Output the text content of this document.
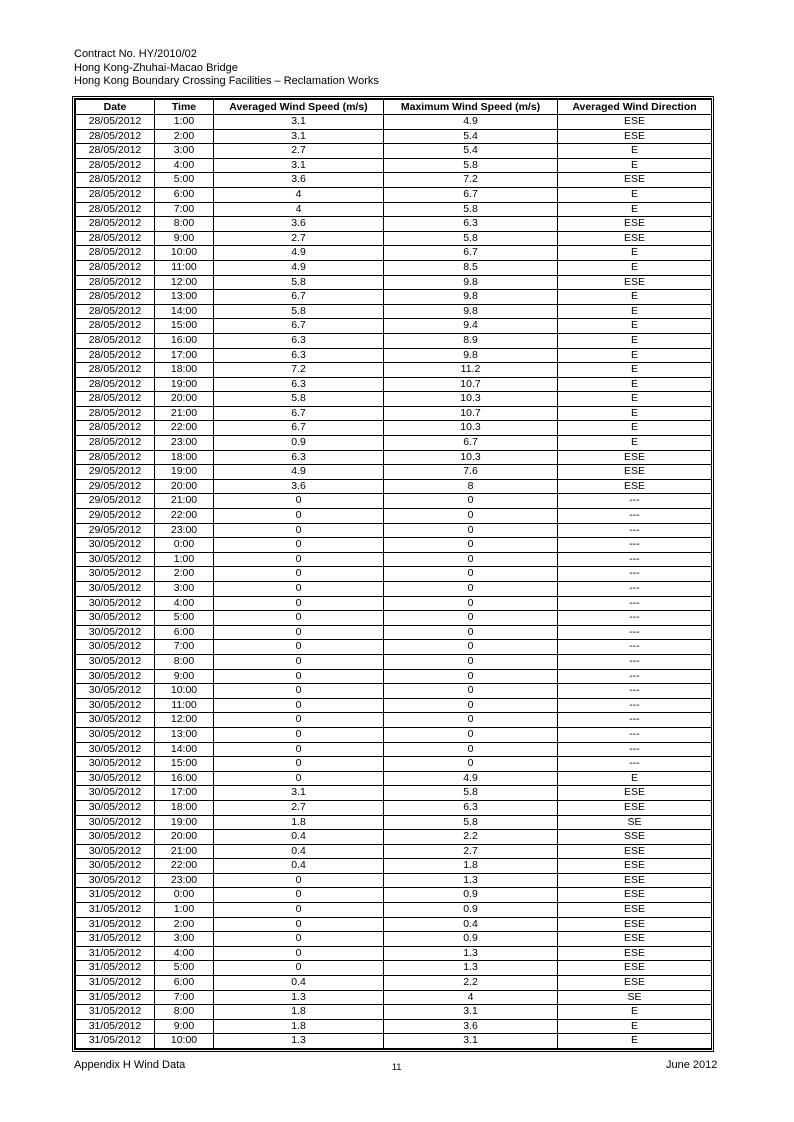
Contract No. HY/2010/02
Hong Kong-Zhuhai-Macao Bridge
Hong Kong Boundary Crossing Facilities – Reclamation Works
Date	Time	Averaged Wind Speed (m/s)	Maximum Wind Speed (m/s)	Averaged Wind Direction
28/05/2012	1:00	3.1	4.9	ESE
28/05/2012	2:00	3.1	5.4	ESE
28/05/2012	3:00	2.7	5.4	E
28/05/2012	4:00	3.1	5.8	E
28/05/2012	5:00	3.6	7.2	ESE
28/05/2012	6:00	4	6.7	E
28/05/2012	7:00	4	5.8	E
28/05/2012	8:00	3.6	6.3	ESE
28/05/2012	9:00	2.7	5.8	ESE
28/05/2012	10:00	4.9	6.7	E
28/05/2012	11:00	4.9	8.5	E
28/05/2012	12:00	5.8	9.8	ESE
28/05/2012	13:00	6.7	9.8	E
28/05/2012	14:00	5.8	9.8	E
28/05/2012	15:00	6.7	9.4	E
28/05/2012	16:00	6.3	8.9	E
28/05/2012	17:00	6.3	9.8	E
28/05/2012	18:00	7.2	11.2	E
28/05/2012	19:00	6.3	10.7	E
28/05/2012	20:00	5.8	10.3	E
28/05/2012	21:00	6.7	10.7	E
28/05/2012	22:00	6.7	10.3	E
28/05/2012	23:00	0.9	6.7	E
28/05/2012	18:00	6.3	10.3	ESE
29/05/2012	19:00	4.9	7.6	ESE
29/05/2012	20:00	3.6	8	ESE
29/05/2012	21:00	0	0	---
29/05/2012	22:00	0	0	---
29/05/2012	23:00	0	0	---
30/05/2012	0:00	0	0	---
30/05/2012	1:00	0	0	---
30/05/2012	2:00	0	0	---
30/05/2012	3:00	0	0	---
30/05/2012	4:00	0	0	---
30/05/2012	5:00	0	0	---
30/05/2012	6:00	0	0	---
30/05/2012	7:00	0	0	---
30/05/2012	8:00	0	0	---
30/05/2012	9:00	0	0	---
30/05/2012	10:00	0	0	---
30/05/2012	11:00	0	0	---
30/05/2012	12:00	0	0	---
30/05/2012	13:00	0	0	---
30/05/2012	14:00	0	0	---
30/05/2012	15:00	0	0	---
30/05/2012	16:00	0	4.9	E
30/05/2012	17:00	3.1	5.8	ESE
30/05/2012	18:00	2.7	6.3	ESE
30/05/2012	19:00	1.8	5.8	SE
30/05/2012	20:00	0.4	2.2	SSE
30/05/2012	21:00	0.4	2.7	ESE
30/05/2012	22:00	0.4	1.8	ESE
30/05/2012	23:00	0	1.3	ESE
31/05/2012	0:00	0	0.9	ESE
31/05/2012	1:00	0	0.9	ESE
31/05/2012	2:00	0	0.4	ESE
31/05/2012	3:00	0	0.9	ESE
31/05/2012	4:00	0	1.3	ESE
31/05/2012	5:00	0	1.3	ESE
31/05/2012	6:00	0.4	2.2	ESE
31/05/2012	7:00	1.3	4	SE
31/05/2012	8:00	1.8	3.1	E
31/05/2012	9:00	1.8	3.6	E
31/05/2012	10:00	1.3	3.1	E
Appendix H Wind Data	11	June 2012
